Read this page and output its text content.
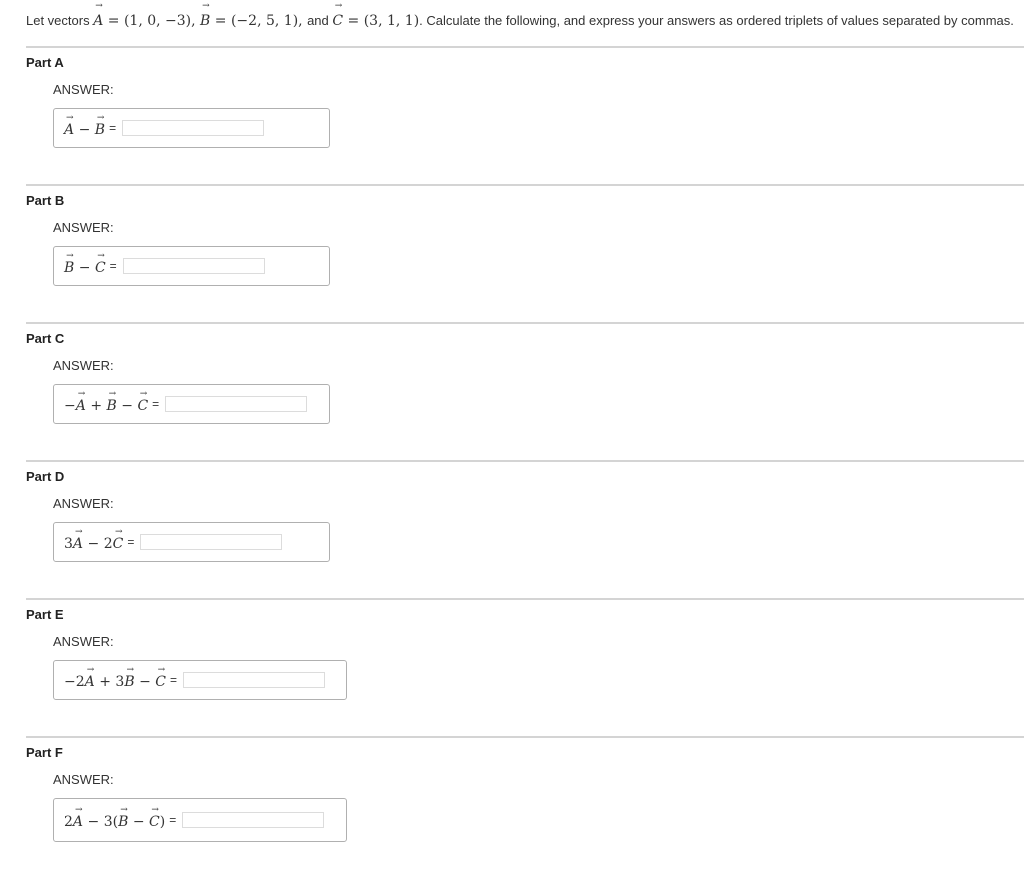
Let vectors → A = (1, 0, −3), → B = (−2, 5, 1), and → C = (3, 1, 1). Calculate the following, and express your answers as ordered triplets of values separated by commas.
Part A
ANSWER:
→ A − → B =
Part B
ANSWER:
→ B − → C =
Part C
ANSWER:
−→ A + → B − → C =
Part D
ANSWER:
3→ A − 2→ C =
Part E
ANSWER:
−2→ A + 3→ B − → C =
Part F
ANSWER:
2→ A − 3(→ B − → C) =
